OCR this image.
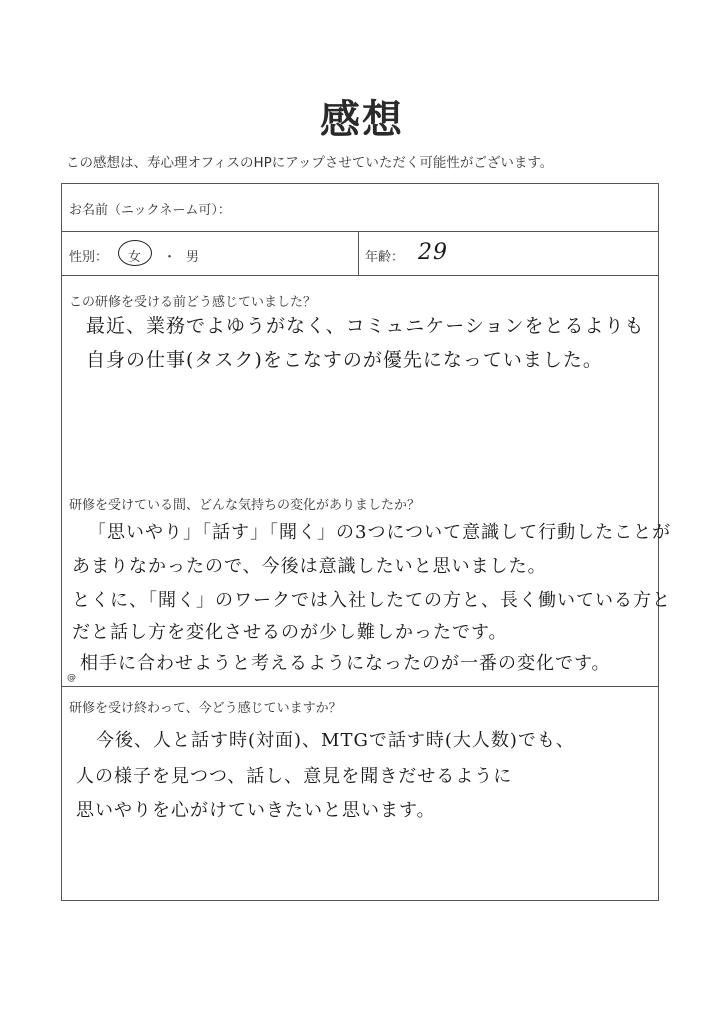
感想
この感想は、寿心理オフィスのHPにアップさせていただく可能性がございます。
お名前（ニックネーム可）：
性別： 女 ・ 男	年齢： 29
この研修を受ける前どう感じていました？
最近、業務でよゆうがなく、コミュニケーションをとるよりも
自身の仕事(タスク)をこなすのが優先になっていました。
研修を受けている間、どんな気持ちの変化がありましたか？
「思いやり」「話す」「聞く」の3つについて意識して行動したことが
あまりなかったので、今後は意識したいと思いました。
とくに、「聞く」のワークでは入社したての方と、長く働いている方と
だと話し方を変化させるのが少し難しかったです。
相手に合わせようと考えるようになったのが一番の変化です。
@
研修を受け終わって、今どう感じていますか？
今後、人と話す時(対面)、MTGで話す時(大人数)でも、
人の様子を見つつ、話し、意見を聞きだせるように
思いやりを心がけていきたいと思います。
